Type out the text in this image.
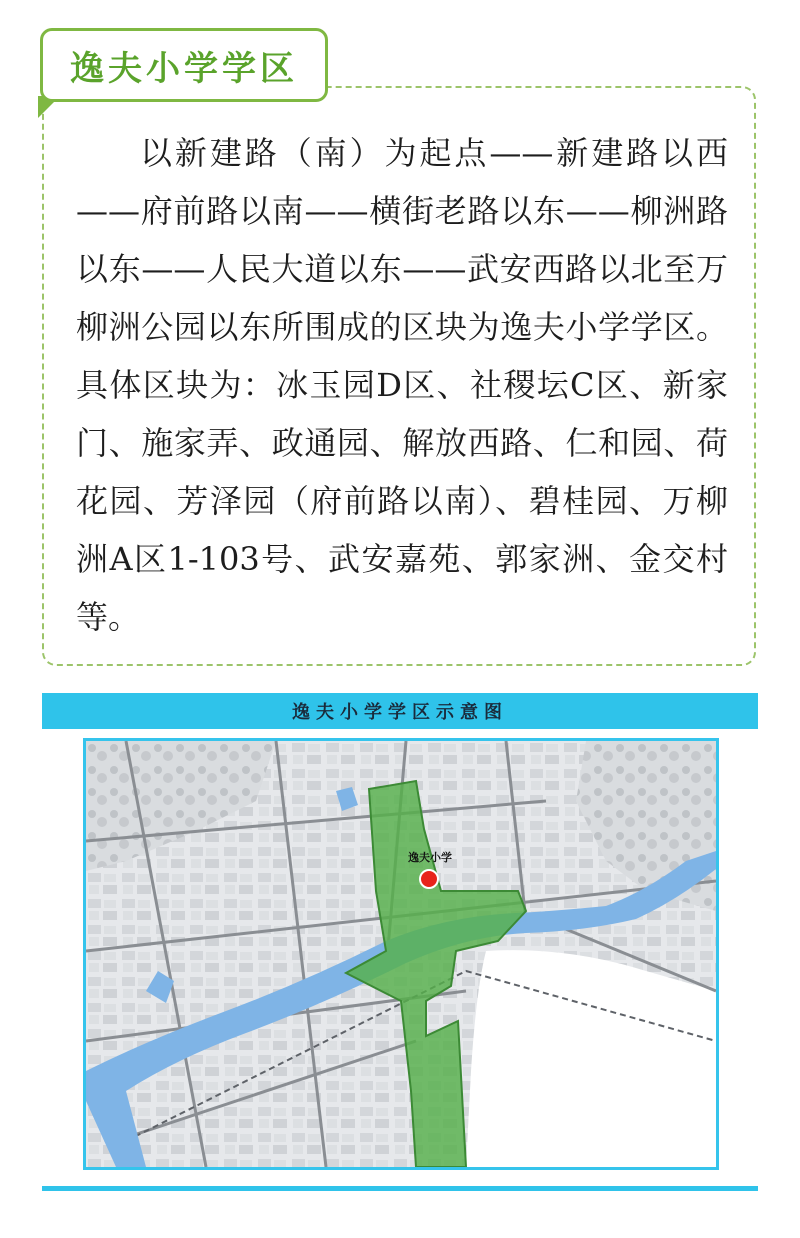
逸夫小学学区

以新建路（南）为起点——新建路以西——府前路以南——横街老路以东——柳洲路以东——人民大道以东——武安西路以北至万柳洲公园以东所围成的区块为逸夫小学学区。具体区块为：冰玉园D区、社稷坛C区、新家门、施家弄、政通园、解放西路、仁和园、荷花园、芳泽园（府前路以南）、碧桂园、万柳洲A区1-103号、武安嘉苑、郭家洲、金交村等。

逸夫小学学区示意图
逸夫小学
